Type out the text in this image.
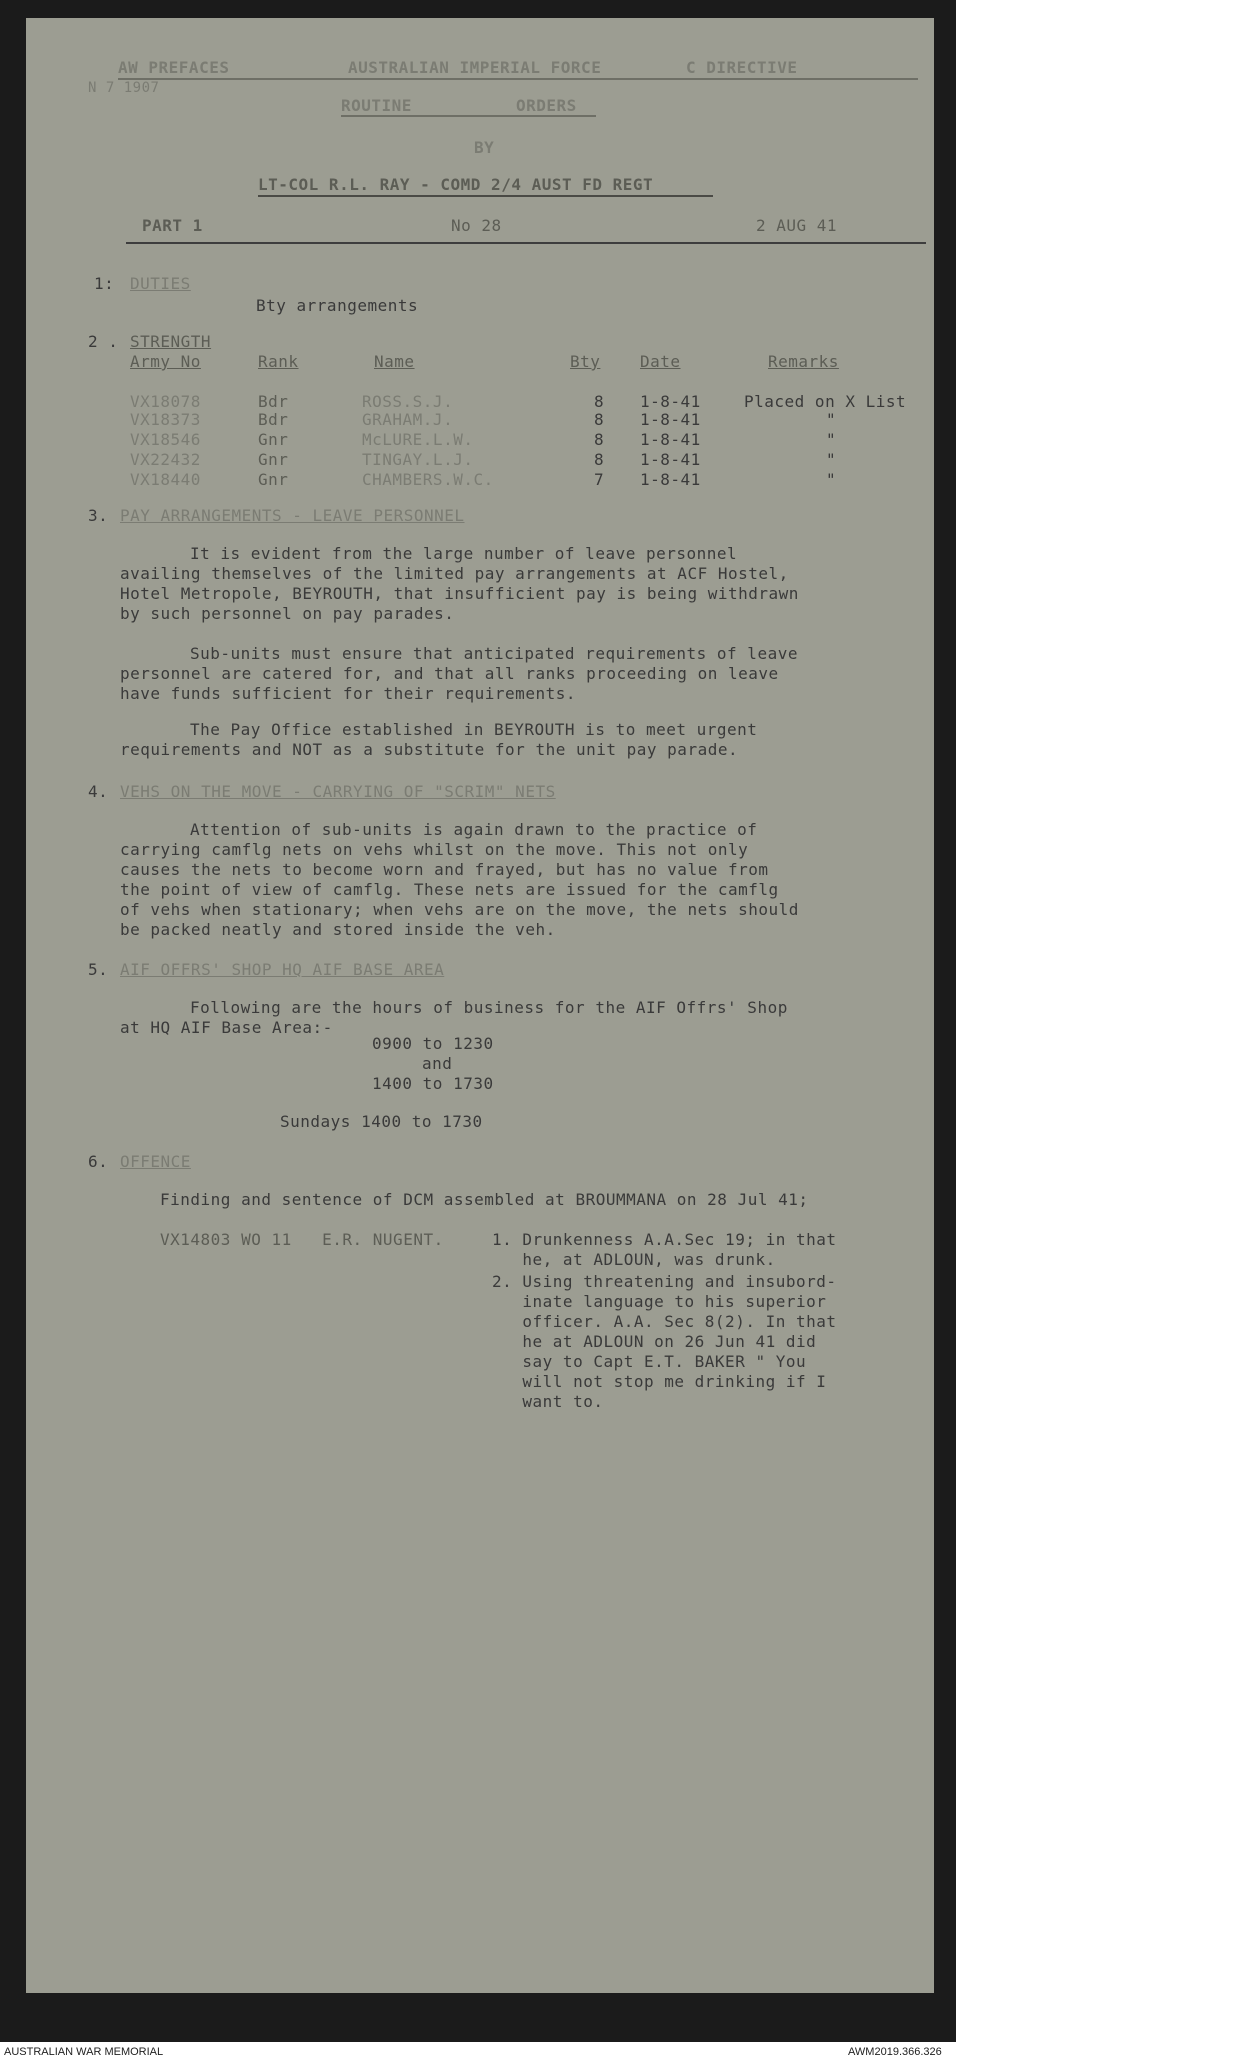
AW PREFACES	AUSTRALIAN IMPERIAL FORCE	C DIRECTIVE
N 7 1907
ROUTINE	ORDERS
BY
LT-COL R.L. RAY - COMD 2/4 AUST FD REGT
PART 1	No 28	2 AUG 41
1: DUTIES
Bty arrangements
2 . STRENGTH
Army No	Rank	Name	Bty Date	Remarks
VX18078	Bdr	ROSS.S.J.	8 1-8-41	Placed on X List
VX18373	Bdr	GRAHAM.J.	8 1-8-41	"
VX18546	Gnr	McLURE.L.W.	8 1-8-41	"
VX22432	Gnr	TINGAY.L.J.	8 1-8-41	"
VX18440	Gnr	CHAMBERS.W.C.	7 1-8-41	"
3. PAY ARRANGEMENTS - LEAVE PERSONNEL
It is evident from the large number of leave personnel
availing themselves of the limited pay arrangements at ACF Hostel,
Hotel Metropole, BEYROUTH, that insufficient pay is being withdrawn
by such personnel on pay parades.
Sub-units must ensure that anticipated requirements of leave
personnel are catered for, and that all ranks proceeding on leave
have funds sufficient for their requirements.
The Pay Office established in BEYROUTH is to meet urgent
requirements and NOT as a substitute for the unit pay parade.
4. VEHS ON THE MOVE - CARRYING OF "SCRIM" NETS
Attention of sub-units is again drawn to the practice of
carrying camflg nets on vehs whilst on the move. This not only
causes the nets to become worn and frayed, but has no value from
the point of view of camflg. These nets are issued for the camflg
of vehs when stationary; when vehs are on the move, the nets should
be packed neatly and stored inside the veh.
5. AIF OFFRS' SHOP HQ AIF BASE AREA
Following are the hours of business for the AIF Offrs' Shop
at HQ AIF Base Area:-
0900 to 1230
and
1400 to 1730
Sundays 1400 to 1730
6. OFFENCE
Finding and sentence of DCM assembled at BROUMMANA on 28 Jul 41;
VX14803 WO 11   E.R. NUGENT.	1. Drunkenness A.A.Sec 19; in that
he, at ADLOUN, was drunk.
2. Using threatening and insubord-
inate language to his superior
officer. A.A. Sec 8(2). In that
he at ADLOUN on 26 Jun 41 did
say to Capt E.T. BAKER " You
will not stop me drinking if I
want to.
AUSTRALIAN WAR MEMORIAL	AWM2019.366.326
